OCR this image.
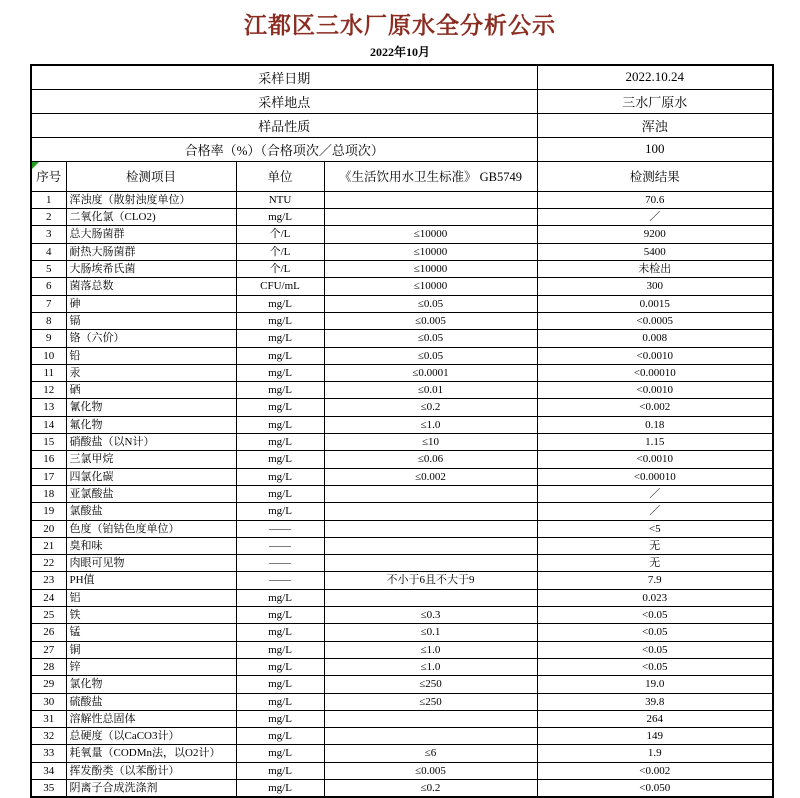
江都区三水厂原水全分析公示
2022年10月
采样日期				2022.10.24
采样地点				三水厂原水
样品性质				浑浊
合格率（%）（合格项次／总项次）				100

序号	检测项目	单位	《生活饮用水卫生标准》 GB5749	检测结果
1	浑浊度（散射浊度单位）	NTU		70.6
2	二氧化氯（CLO2)	mg/L		／
3	总大肠菌群	个/L	≤10000	9200
4	耐热大肠菌群	个/L	≤10000	5400
5	大肠埃希氏菌	个/L	≤10000	未检出
6	菌落总数	CFU/mL	≤10000	300
7	砷	mg/L	≤0.05	0.0015
8	镉	mg/L	≤0.005	<0.0005
9	铬（六价）	mg/L	≤0.05	0.008
10	铅	mg/L	≤0.05	<0.0010
11	汞	mg/L	≤0.0001	<0.00010
12	硒	mg/L	≤0.01	<0.0010
13	氰化物	mg/L	≤0.2	<0.002
14	氟化物	mg/L	≤1.0	0.18
15	硝酸盐（以N计）	mg/L	≤10	1.15
16	三氯甲烷	mg/L	≤0.06	<0.0010
17	四氯化碳	mg/L	≤0.002	<0.00010
18	亚氯酸盐	mg/L		／
19	氯酸盐	mg/L		／
20	色度（铂钴色度单位）	——		<5
21	臭和味	——		无
22	肉眼可见物	——		无
23	PH值	——	不小于6且不大于9	7.9
24	铝	mg/L		0.023
25	铁	mg/L	≤0.3	<0.05
26	锰	mg/L	≤0.1	<0.05
27	铜	mg/L	≤1.0	<0.05
28	锌	mg/L	≤1.0	<0.05
29	氯化物	mg/L	≤250	19.0
30	硫酸盐	mg/L	≤250	39.8
31	溶解性总固体	mg/L		264
32	总硬度（以CaCO3计）	mg/L		149
33	耗氧量（CODMn法，以O2计）	mg/L	≤6	1.9
34	挥发酚类（以苯酚计）	mg/L	≤0.005	<0.002
35	阴离子合成洗涤剂	mg/L	≤0.2	<0.050
